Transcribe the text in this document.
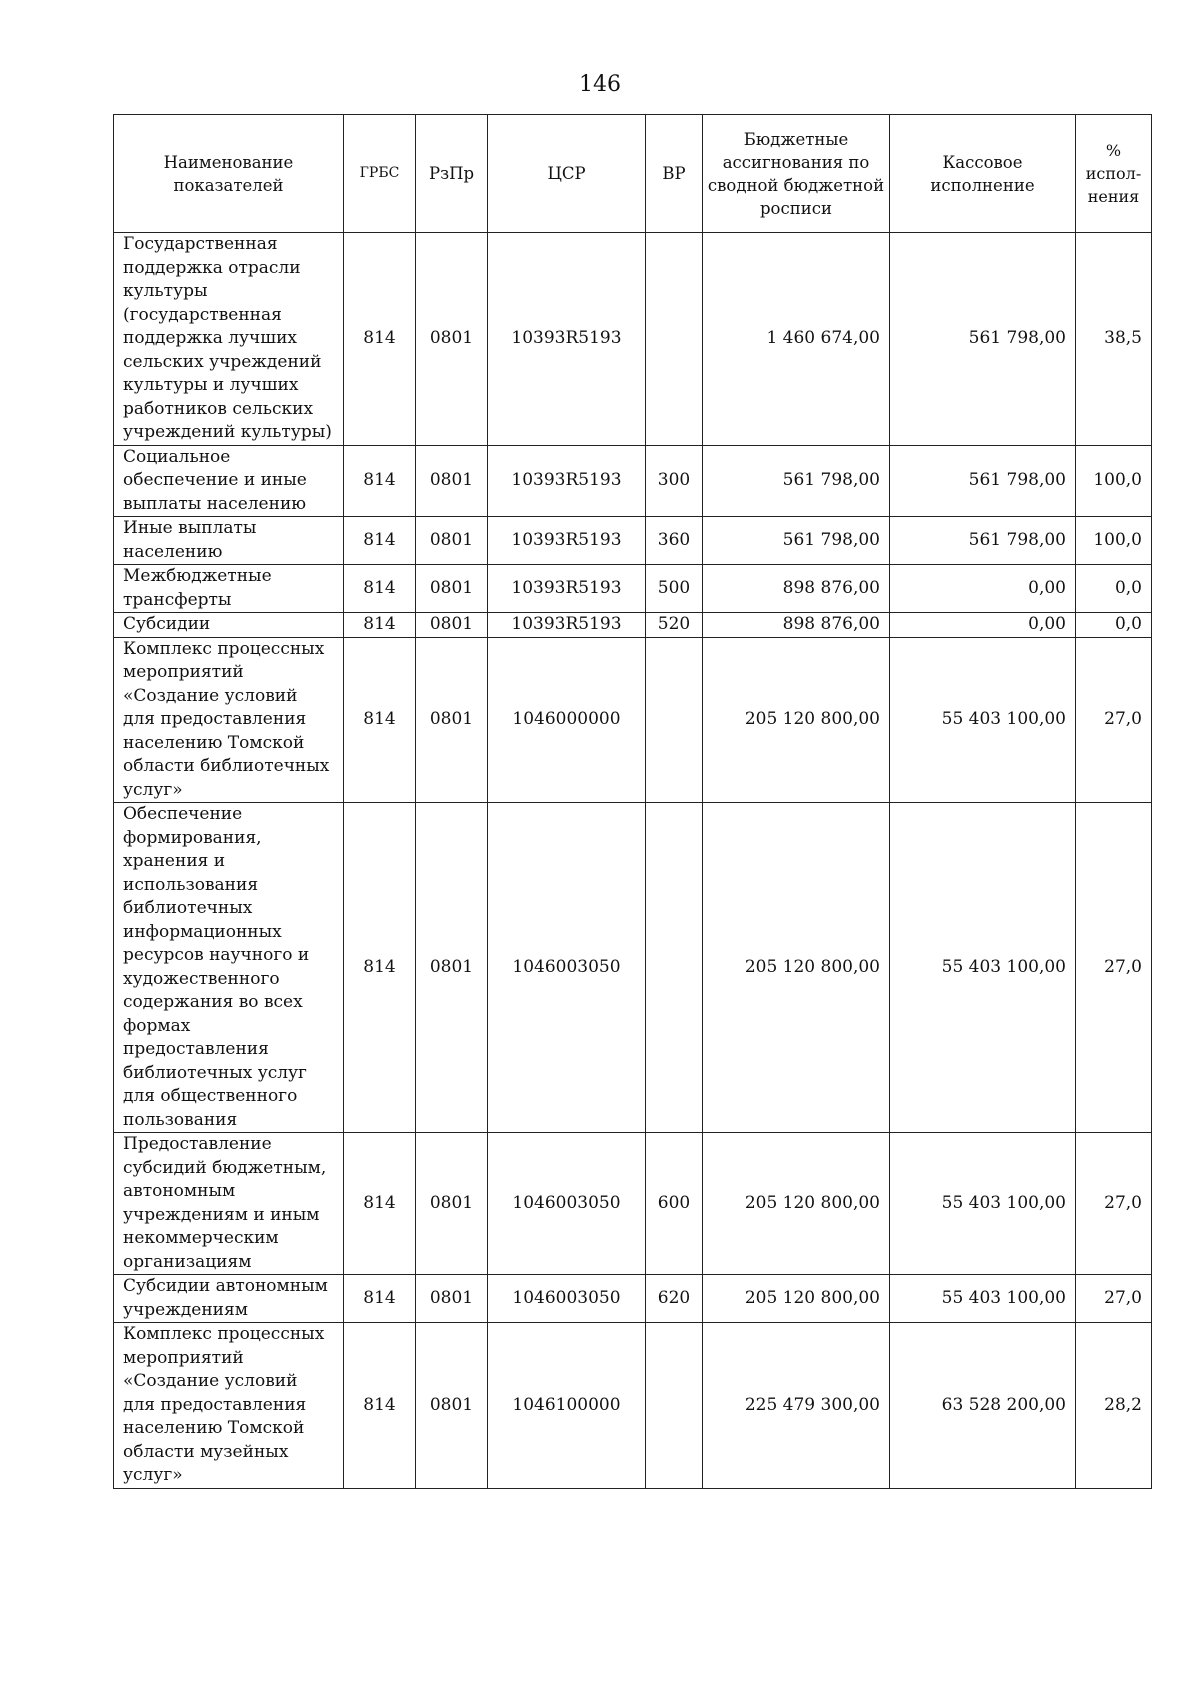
146
Наименование показателей	ГРБС	РзПр	ЦСР	ВР	Бюджетные ассигнования по сводной бюджетной росписи	Кассовое исполнение	% испол- нения
Государственная поддержка отрасли культуры (государственная поддержка лучших сельских учреждений культуры и лучших работников сельских учреждений культуры)	814	0801	10393R5193		1 460 674,00	561 798,00	38,5
Социальное обеспечение и иные выплаты населению	814	0801	10393R5193	300	561 798,00	561 798,00	100,0
Иные выплаты населению	814	0801	10393R5193	360	561 798,00	561 798,00	100,0
Межбюджетные трансферты	814	0801	10393R5193	500	898 876,00	0,00	0,0
Субсидии	814	0801	10393R5193	520	898 876,00	0,00	0,0
Комплекс процессных мероприятий «Создание условий для предоставления населению Томской области библиотечных услуг»	814	0801	1046000000		205 120 800,00	55 403 100,00	27,0
Обеспечение формирования, хранения и использования библиотечных информационных ресурсов научного и художественного содержания во всех формах предоставления библиотечных услуг для общественного пользования	814	0801	1046003050		205 120 800,00	55 403 100,00	27,0
Предоставление субсидий бюджетным, автономным учреждениям и иным некоммерческим организациям	814	0801	1046003050	600	205 120 800,00	55 403 100,00	27,0
Субсидии автономным учреждениям	814	0801	1046003050	620	205 120 800,00	55 403 100,00	27,0
Комплекс процессных мероприятий «Создание условий для предоставления населению Томской области музейных услуг»	814	0801	1046100000		225 479 300,00	63 528 200,00	28,2
